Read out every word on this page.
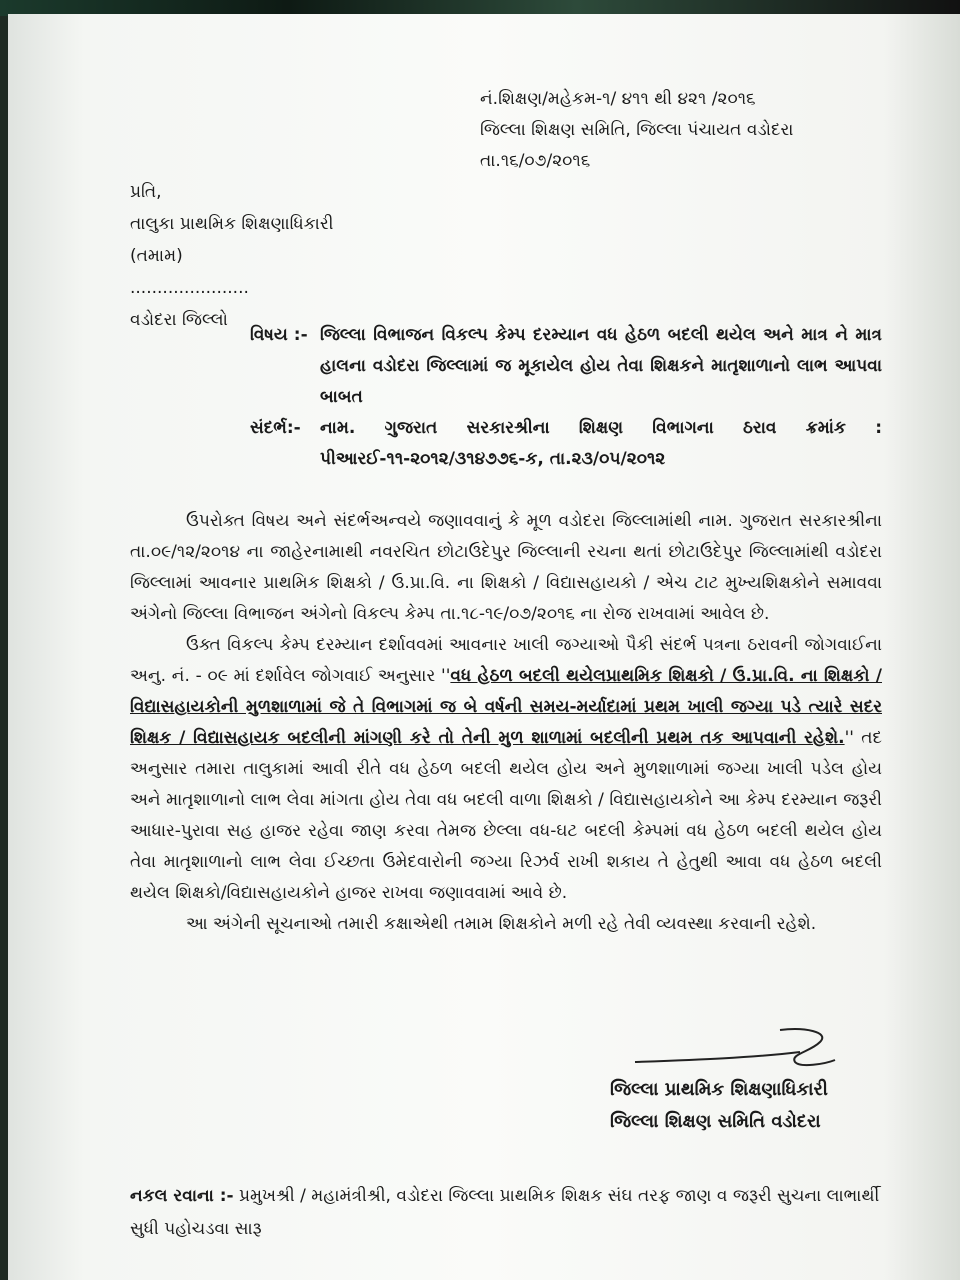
નં.શિક્ષણ/મહેકમ-૧/ ૪૧૧ થી ૪૨૧ /૨૦૧૬
જિલ્લા શિક્ષણ સમિતિ, જિલ્લા પંચાયત વડોદરા
તા.૧૬/૦૭/૨૦૧૬
પ્રતિ,
તાલુકા પ્રાથમિક શિક્ષણાધિકારી
(તમામ)
......................
વડોદરા જિલ્લો
વિષય :- જિલ્લા વિભાજન વિકલ્પ કેમ્પ દરમ્યાન વધ હેઠળ બદલી થયેલ અને માત્ર ને માત્ર હાલના વડોદરા જિલ્લામાં જ મૂકાયેલ હોય તેવા શિક્ષકને માતૃશાળાનો લાભ આપવા બાબત
સંદર્ભ:-	નામ. ગુજરાત સરકારશ્રીના શિક્ષણ વિભાગના ઠરાવ ક્રમાંક : પીઆરઈ-૧૧-૨૦૧૨/૩૧૪૭૭૬-ક, તા.૨૩/૦૫/૨૦૧૨

ઉપરોક્ત વિષય અને સંદર્ભઅન્વયે જણાવવાનું કે મૂળ વડોદરા જિલ્લામાંથી નામ. ગુજરાત સરકારશ્રીના તા.૦૯/૧૨/૨૦૧૪ ના જાહેરનામાથી નવરચિત છોટાઉદેપુર જિલ્લાની રચના થતાં છોટાઉદેપુર જિલ્લામાંથી વડોદરા જિલ્લામાં આવનાર પ્રાથમિક શિક્ષકો / ઉ.પ્રા.વિ. ના શિક્ષકો / વિદ્યાસહાયકો / એચ ટાટ મુખ્યશિક્ષકોને સમાવવા અંગેનો જિલ્લા વિભાજન અંગેનો વિકલ્પ કેમ્પ તા.૧૮-૧૯/૦૭/૨૦૧૬ ના રોજ રાખવામાં આવેલ છે.

ઉક્ત વિકલ્પ કેમ્પ દરમ્યાન દર્શાવવમાં આવનાર ખાલી જગ્યાઓ પૈકી સંદર્ભ પત્રના ઠરાવની જોગવાઈના અનુ. નં. - ૦૯ માં દર્શાવેલ જોગવાઈ અનુસાર ''વધ હેઠળ બદલી થયેલપ્રાથમિક શિક્ષકો / ઉ.પ્રા.વિ. ના શિક્ષકો / વિદ્યાસહાયકોની મુળશાળામાં જે તે વિભાગમાં જ બે વર્ષની સમય-મર્યાદામાં પ્રથમ ખાલી જગ્યા પડે ત્યારે સદર શિક્ષક / વિદ્યાસહાયક બદલીની માંગણી કરે તો તેની મુળ શાળામાં બદલીની પ્રથમ તક આપવાની રહેશે.'' તદ અનુસાર તમારા તાલુકામાં આવી રીતે વધ હેઠળ બદલી થયેલ હોય અને મુળશાળામાં જગ્યા ખાલી પડેલ હોય અને માતૃશાળાનો લાભ લેવા માંગતા હોય તેવા વધ બદલી વાળા શિક્ષકો / વિદ્યાસહાયકોને આ કેમ્પ દરમ્યાન જરૂરી આધાર-પુરાવા સહ હાજર રહેવા જાણ કરવા તેમજ છેલ્લા વધ-ઘટ બદલી કેમ્પમાં વધ હેઠળ બદલી થયેલ હોય તેવા માતૃશાળાનો લાભ લેવા ઈચ્છતા ઉમેદવારોની જગ્યા રિઝર્વ રાખી શકાય તે હેતુથી આવા વધ હેઠળ બદલી થયેલ શિક્ષકો/વિદ્યાસહાયકોને હાજર રાખવા જણાવવામાં આવે છે.

આ અંગેની સૂચનાઓ તમારી કક્ષાએથી તમામ શિક્ષકોને મળી રહે તેવી વ્યવસ્થા કરવાની રહેશે.

જિલ્લા પ્રાથમિક શિક્ષણાધિકારી
જિલ્લા શિક્ષણ સમિતિ વડોદરા
નકલ રવાના :- પ્રમુખશ્રી / મહામંત્રીશ્રી, વડોદરા જિલ્લા પ્રાથમિક શિક્ષક સંઘ તરફ જાણ વ જરૂરી સુચના લાભાર્થી સુધી પહોચડવા સારૂ
